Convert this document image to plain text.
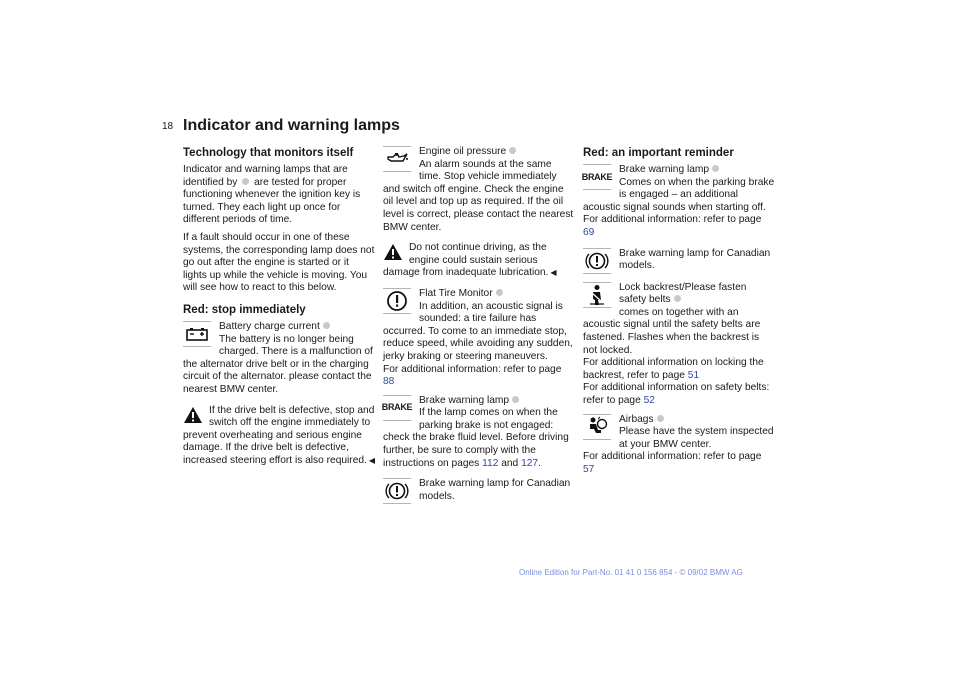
18 Indicator and warning lamps
Technology that monitors itself
Indicator and warning lamps that are identified by are tested for proper functioning whenever the ignition key is turned. They each light up once for different periods of time.
If a fault should occur in one of these systems, the corresponding lamp does not go out after the engine is started or it lights up while the vehicle is moving. You will see how to react to this below.
Red: stop immediately
Battery charge current
The battery is no longer being charged. There is a malfunction of the alternator drive belt or in the charging circuit of the alternator. please contact the nearest BMW center.
If the drive belt is defective, stop and switch off the engine immediately to prevent overheating and serious engine damage. If the drive belt is defective, increased steering effort is also required. ◀
Engine oil pressure
An alarm sounds at the same time. Stop vehicle immediately and switch off engine. Check the engine oil level and top up as required. If the oil level is correct, please contact the nearest BMW center.
Do not continue driving, as the engine could sustain serious damage from inadequate lubrication. ◀
Flat Tire Monitor
In addition, an acoustic signal is sounded: a tire failure has occurred. To come to an immediate stop, reduce speed, while avoiding any sudden, jerky braking or steering maneuvers.
For additional information: refer to page 88
BRAKE
Brake warning lamp
If the lamp comes on when the parking brake is not engaged: check the brake fluid level. Before driving further, be sure to comply with the instructions on pages 112 and 127.
Brake warning lamp for Canadian models.
Red: an important reminder
BRAKE
Brake warning lamp
Comes on when the parking brake is engaged – an additional acoustic signal sounds when starting off. For additional information: refer to page 69
Brake warning lamp for Canadian models.
Lock backrest/Please fasten safety belts
comes on together with an acoustic signal until the safety belts are fastened. Flashes when the backrest is not locked.
For additional information on locking the backrest, refer to page 51
For additional information on safety belts: refer to page 52
Airbags
Please have the system inspected at your BMW center.
For additional information: refer to page 57
Online Edition for Part-No. 01 41 0 156 854 - © 09/02 BMW AG
